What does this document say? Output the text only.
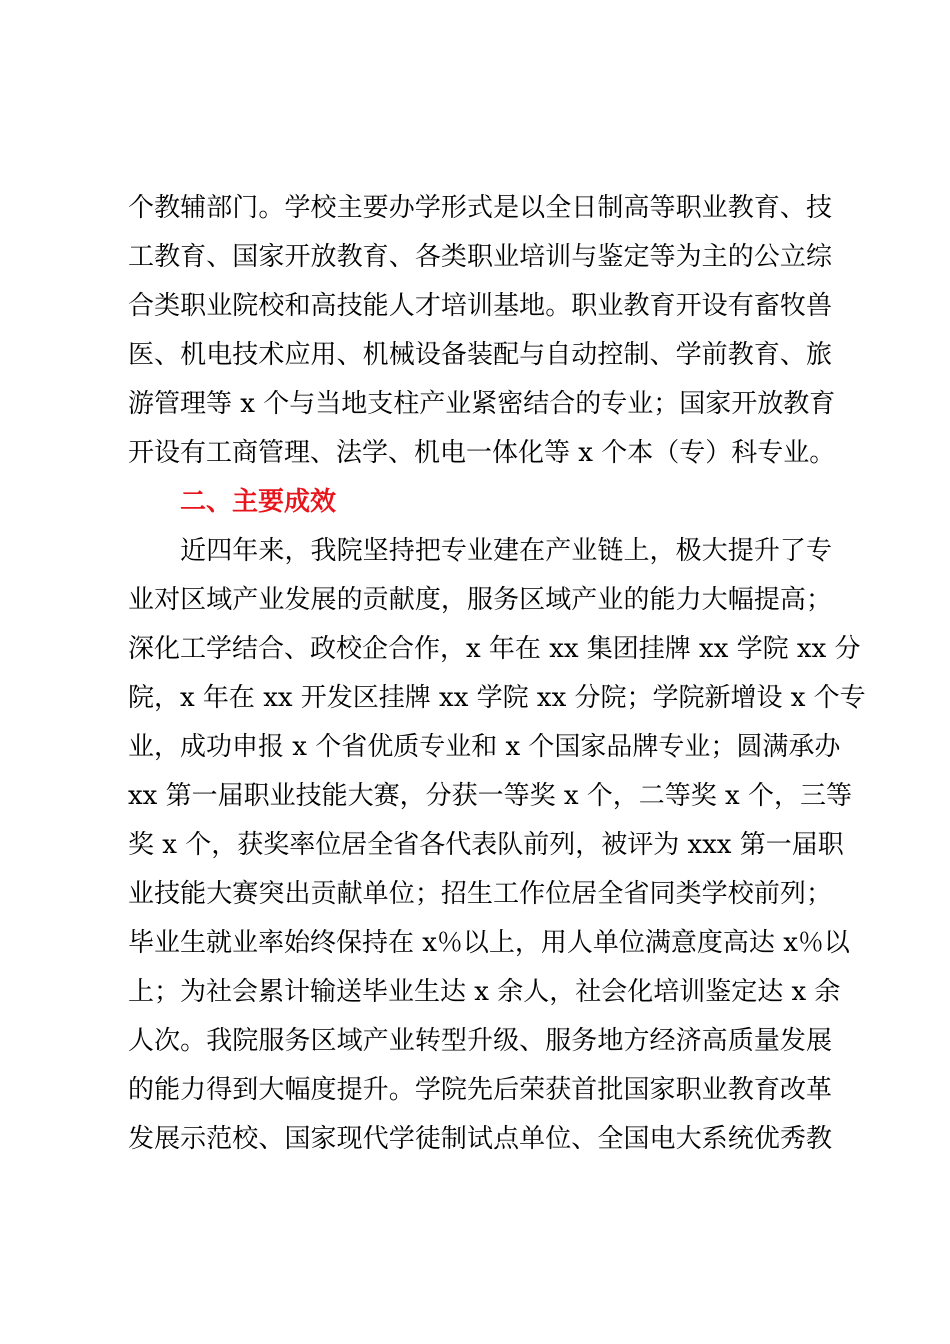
个教辅部门。学校主要办学形式是以全日制高等职业教育、技
工教育、国家开放教育、各类职业培训与鉴定等为主的公立综
合类职业院校和高技能人才培训基地。职业教育开设有畜牧兽
医、机电技术应用、机械设备装配与自动控制、学前教育、旅
游管理等 x 个与当地支柱产业紧密结合的专业；国家开放教育
开设有工商管理、法学、机电一体化等 x 个本（专）科专业。
二、主要成效
　　近四年来，我院坚持把专业建在产业链上，极大提升了专
业对区域产业发展的贡献度，服务区域产业的能力大幅提高；
深化工学结合、政校企合作，x 年在 xx 集团挂牌 xx 学院 xx 分
院，x 年在 xx 开发区挂牌 xx 学院 xx 分院；学院新增设 x 个专
业，成功申报 x 个省优质专业和 x 个国家品牌专业；圆满承办
xx 第一届职业技能大赛，分获一等奖 x 个，二等奖 x 个，三等
奖 x 个，获奖率位居全省各代表队前列，被评为 xxx 第一届职
业技能大赛突出贡献单位；招生工作位居全省同类学校前列；
毕业生就业率始终保持在 x％以上，用人单位满意度高达 x％以
上；为社会累计输送毕业生达 x 余人，社会化培训鉴定达 x 余
人次。我院服务区域产业转型升级、服务地方经济高质量发展
的能力得到大幅度提升。学院先后荣获首批国家职业教育改革
发展示范校、国家现代学徒制试点单位、全国电大系统优秀教
